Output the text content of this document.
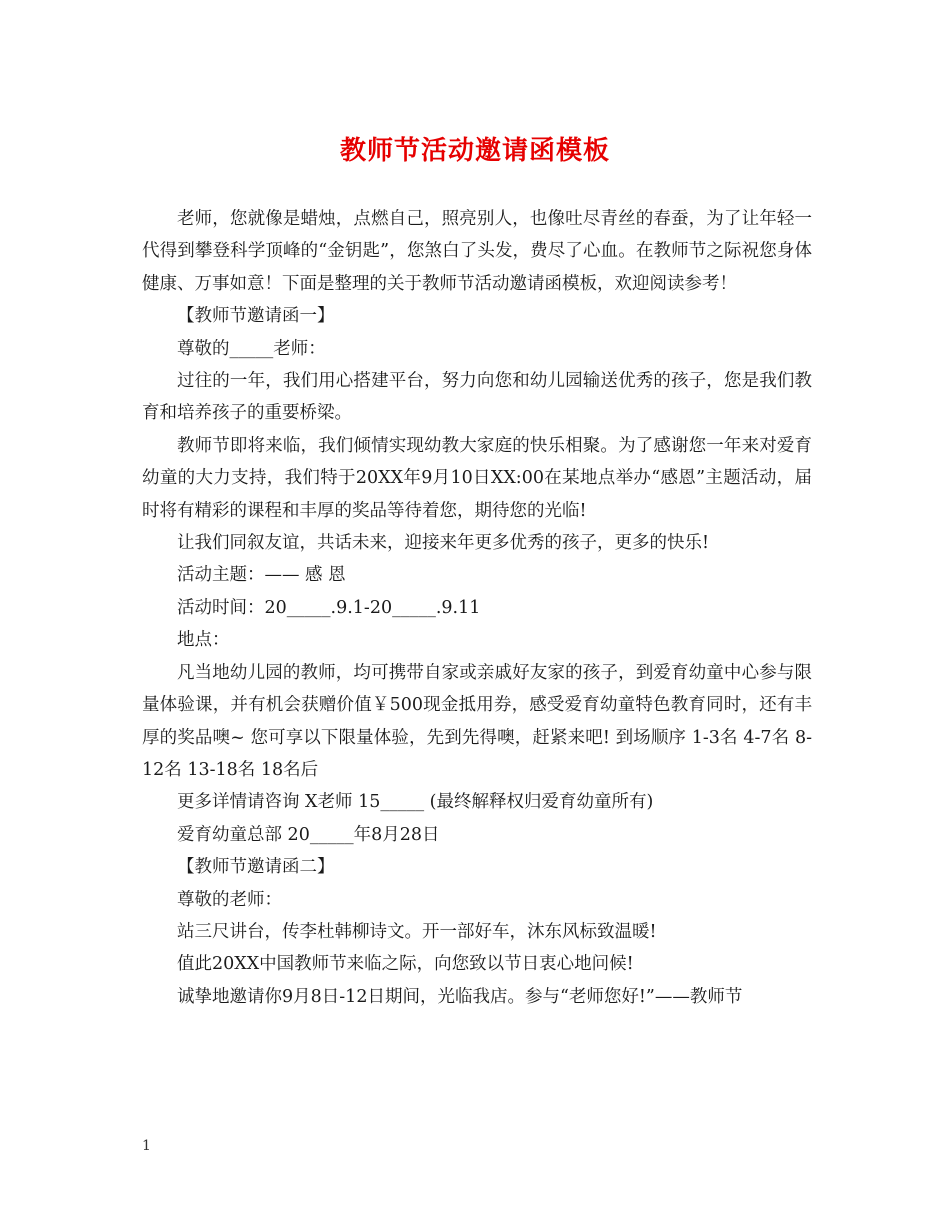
教师节活动邀请函模板

老师，您就像是蜡烛，点燃自己，照亮别人，也像吐尽青丝的春蚕，为了让年轻一代得到攀登科学顶峰的“金钥匙”，您煞白了头发，费尽了心血。在教师节之际祝您身体健康、万事如意！下面是整理的关于教师节活动邀请函模板，欢迎阅读参考！

【教师节邀请函一】

尊敬的_____老师：

过往的一年，我们用心搭建平台，努力向您和幼儿园输送优秀的孩子，您是我们教育和培养孩子的重要桥梁。

教师节即将来临，我们倾情实现幼教大家庭的快乐相聚。为了感谢您一年来对爱育幼童的大力支持，我们特于20XX年9月10日XX:00在某地点举办“感恩”主题活动，届时将有精彩的课程和丰厚的奖品等待着您，期待您的光临!

让我们同叙友谊，共话未来，迎接来年更多优秀的孩子，更多的快乐!

活动主题：—— 感 恩

活动时间：20_____.9.1-20_____.9.11

地点：

凡当地幼儿园的教师，均可携带自家或亲戚好友家的孩子，到爱育幼童中心参与限量体验课，并有机会获赠价值￥500现金抵用券，感受爱育幼童特色教育同时，还有丰厚的奖品噢~ 您可享以下限量体验，先到先得噢，赶紧来吧! 到场顺序 1-3名 4-7名 8-12名 13-18名 18名后

更多详情请咨询 X老师 15_____ (最终解释权归爱育幼童所有)

爱育幼童总部 20_____年8月28日

【教师节邀请函二】

尊敬的老师：

站三尺讲台，传李杜韩柳诗文。开一部好车，沐东风标致温暖!

值此20XX中国教师节来临之际，向您致以节日衷心地问候!

诚挚地邀请你9月8日-12日期间，光临我店。参与“老师您好!”——教师节

1
